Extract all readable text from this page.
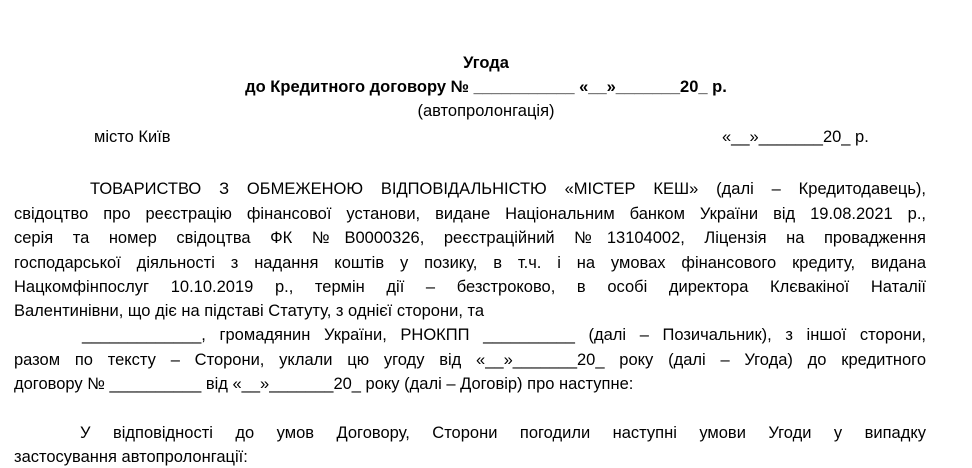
Угода
до Кредитного договору № ___________ «__»_______20_ р.
(автопролонгація)
місто Київ	«__»_______20_ р.
ТОВАРИСТВО З ОБМЕЖЕНОЮ ВІДПОВІДАЛЬНІСТЮ «МІСТЕР КЕШ» (далі – Кредитодавець),
свідоцтво про реєстрацію фінансової установи, видане Національним банком України від 19.08.2021 р.,
серія та номер свідоцтва ФК №B0000326, реєстраційний №13104002, Ліцензія на провадження
господарської діяльності з надання коштів у позику, в т.ч. і на умовах фінансового кредиту, видана
Нацкомфінпослуг 10.10.2019 р., термін дії – безстроково, в особі директора Клєвакіної Наталії
Валентинівни, що діє на підставі Статуту, з однієї сторони, та
_____________, громадянин України, РНОКПП __________ (далі – Позичальник), з іншої сторони,
разом по тексту – Сторони, уклали цю угоду від «__»_______20_ року (далі – Угода) до кредитного
договору № __________ від «__»_______20_ року (далі – Договір) про наступне:
У відповідності до умов Договору, Сторони погодили наступні умови Угоди у випадку
застосування автопролонгації:
